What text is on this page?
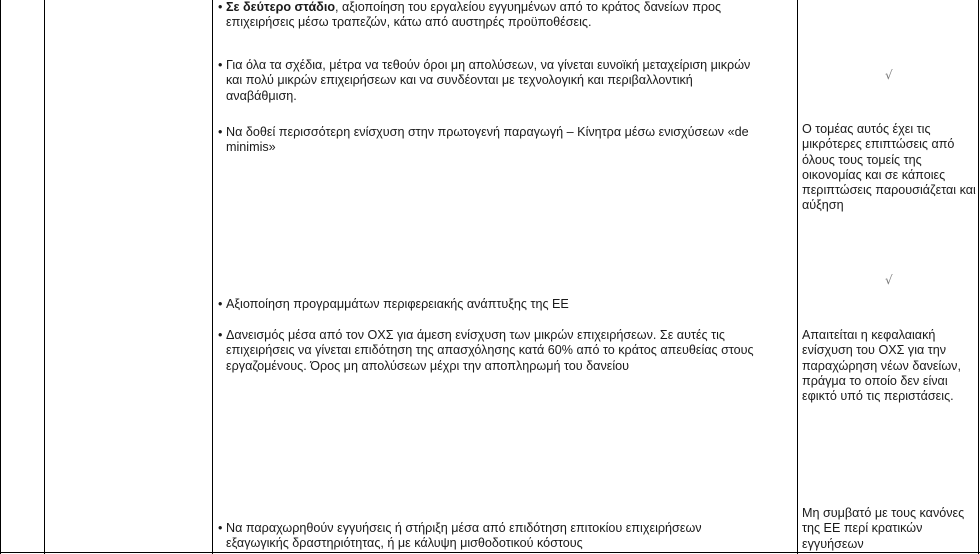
• Σε δεύτερο στάδιο, αξιοποίηση του εργαλείου εγγυημένων από το κράτος δανείων προς επιχειρήσεις μέσω τραπεζών, κάτω από αυστηρές προϋποθέσεις.
• Για όλα τα σχέδια, μέτρα να τεθούν όροι μη απολύσεων, να γίνεται ευνοϊκή μεταχείριση μικρών και πολύ μικρών επιχειρήσεων και να συνδέονται με τεχνολογική και περιβαλλοντική αναβάθμιση.
• Να δοθεί περισσότερη ενίσχυση στην πρωτογενή παραγωγή – Κίνητρα μέσω ενισχύσεων «de minimis»
• Αξιοποίηση προγραμμάτων περιφερειακής ανάπτυξης της ΕΕ
• Δανεισμός μέσα από τον ΟΧΣ για άμεση ενίσχυση των μικρών επιχειρήσεων. Σε αυτές τις επιχειρήσεις να γίνεται επιδότηση της απασχόλησης κατά 60% από το κράτος απευθείας στους εργαζομένους. Όρος μη απολύσεων μέχρι την αποπληρωμή του δανείου
• Να παραχωρηθούν εγγυήσεις ή στήριξη μέσα από επιδότηση επιτοκίου επιχειρήσεων εξαγωγικής δραστηριότητας, ή με κάλυψη μισθοδοτικού κόστους
√
Ο τομέας αυτός έχει τις μικρότερες επιπτώσεις από όλους τους τομείς της οικονομίας και σε κάποιες περιπτώσεις παρουσιάζεται και αύξηση
√
Απαιτείται η κεφαλαιακή ενίσχυση του ΟΧΣ για την παραχώρηση νέων δανείων, πράγμα το οποίο δεν είναι εφικτό υπό τις περιστάσεις.
Μη συμβατό με τους κανόνες της ΕΕ περί κρατικών εγγυήσεων
